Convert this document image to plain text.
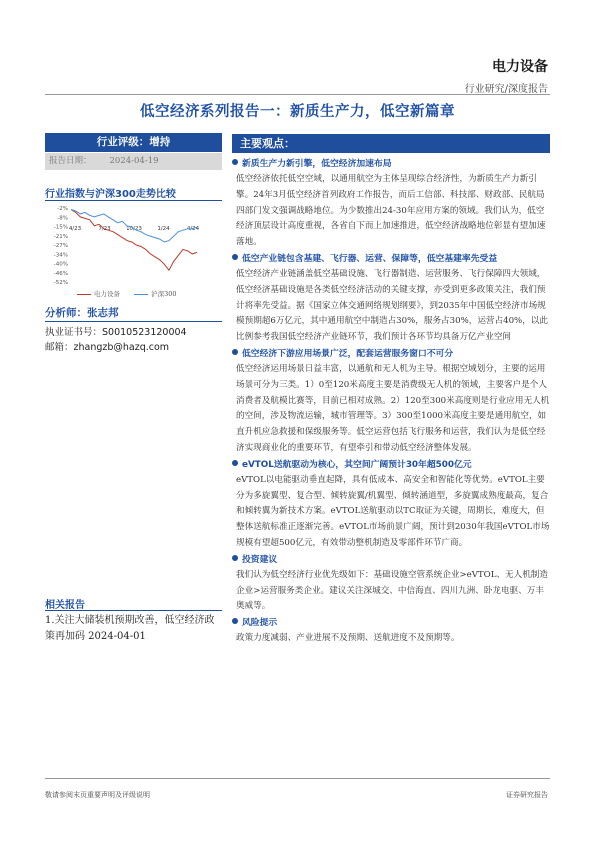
电力设备
行业研究/深度报告
低空经济系列报告一：新质生产力，低空新篇章
行业评级：增持
报告日期： 2024-04-19
行业指数与沪深300走势比较
-2%
-8%
-15%
-21%
-27%
-34%
-40%
-46%
-52%
4/23	7/23	10/23	1/24	4/24
电力设备	沪深300
分析师：张志邦
执业证书号：S0010523120004
邮箱：zhangzb@hazq.com
相关报告
1.关注大储装机预期改善，低空经济政策再加码 2024-04-01
主要观点：
新质生产力新引擎，低空经济加速布局

低空经济依托低空空域，以通用航空为主体呈现综合经济性，为新质生产力新引擎。24年3月低空经济首列政府工作报告，而后工信部、科技部、财政部、民航局四部门发文强调战略地位。为少数推出24-30年应用方案的领域。我们认为，低空经济顶层设计高度重视，各省自下而上加速推进，低空经济战略地位彰显有望加速落地。

低空产业链包含基建、飞行器、运营、保障等，低空基建率先受益

低空经济产业链涵盖低空基础设施、飞行器制造、运营服务、飞行保障四大领域，低空经济基础设施是各类低空经济活动的关键支撑，亦受到更多政策关注，我们预计将率先受益。据《国家立体交通网络规划纲要》，到2035年中国低空经济市场规模预期超6万亿元，其中通用航空中制造占30%，服务占30%，运营占40%，以此比例参考我国低空经济产业链环节，我们预计各环节均具备万亿产业空间

低空经济下游应用场景广泛，配套运营服务窗口不可分

低空经济运用场景日益丰富，以通航和无人机为主导。根据空域划分，主要的运用场景可分为三类。1）0至120米高度主要是消费级无人机的领域，主要客户是个人消费者及航模比赛等，目前已相对成熟。2）120至300米高度则是行业应用无人机的空间，涉及物流运输，城市管理等。3）300至1000米高度主要是通用航空，如直升机应急救援和保级服务等。低空运营包括飞行服务和运营，我们认为是低空经济实现商业化的重要环节，有望牵引和带动低空经济整体发展。

eVTOL送航驱动为核心，其空间广阔预计30年超500亿元

eVTOL以电能驱动垂直起降，具有低成本、高安全和智能化等优势。eVTOL主要分为多旋翼型、复合型、倾转旋翼/机翼型、倾转涵道型，多旋翼成熟度最高，复合和倾转翼为新技术方案。eVTOL送航驱动以TC取证为关键，周期长，难度大，但整体送航标准正逐渐完善。eVTOL市场前景广阔，预计到2030年我国eVTOL市场规模有望超500亿元，有效带动整机制造及零部件环节广商。

投资建议

我们认为低空经济行业优先级如下：基础设施空管系统企业>eVTOL、无人机制造企业>运营服务类企业。建议关注深城交、中信海直、四川九洲、卧龙电驱、万丰奥威等。

风险提示

政策力度减弱、产业进展不及预期、送航进度不及预期等。

敬请参阅末页重要声明及评级说明	证券研究报告
